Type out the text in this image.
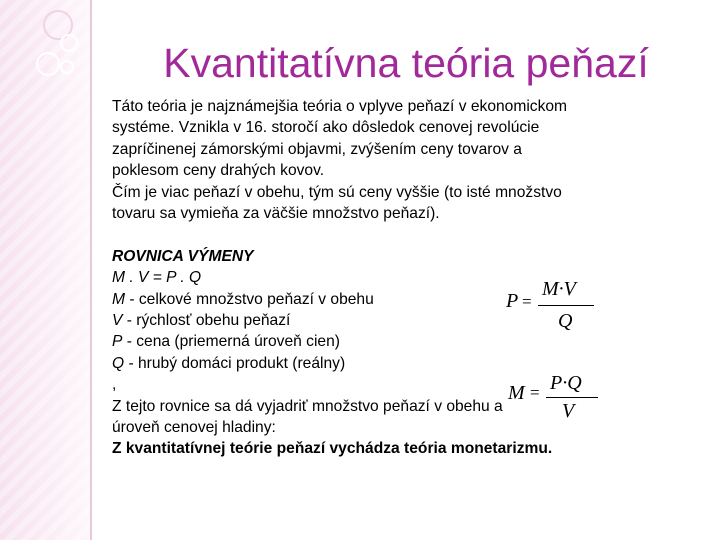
Kvantitatívna teória peňazí

Táto teória je najznámejšia teória o vplyve peňazí v ekonomickom

systéme. Vznikla v 16. storočí ako dôsledok cenovej revolúcie

zapríčinenej zámorskými objavmi, zvýšením ceny tovarov a

poklesom ceny drahých kovov.

Čím je viac peňazí v obehu, tým sú ceny vyššie (to isté množstvo

tovaru sa vymieňa za väčšie množstvo peňazí).

ROVNICA VÝMENY

M . V = P . Q

M - celkové množstvo peňazí v obehu

V - rýchlosť obehu peňazí

P - cena (priemerná úroveň cien)

Q - hrubý domáci produkt (reálny)

,

Z tejto rovnice sa dá vyjadriť množstvo peňazí v obehu a

úroveň cenovej hladiny:

Z kvantitatívnej teórie peňazí vychádza teória monetarizmu.

P =
M·V
Q
M = P·Q
V
